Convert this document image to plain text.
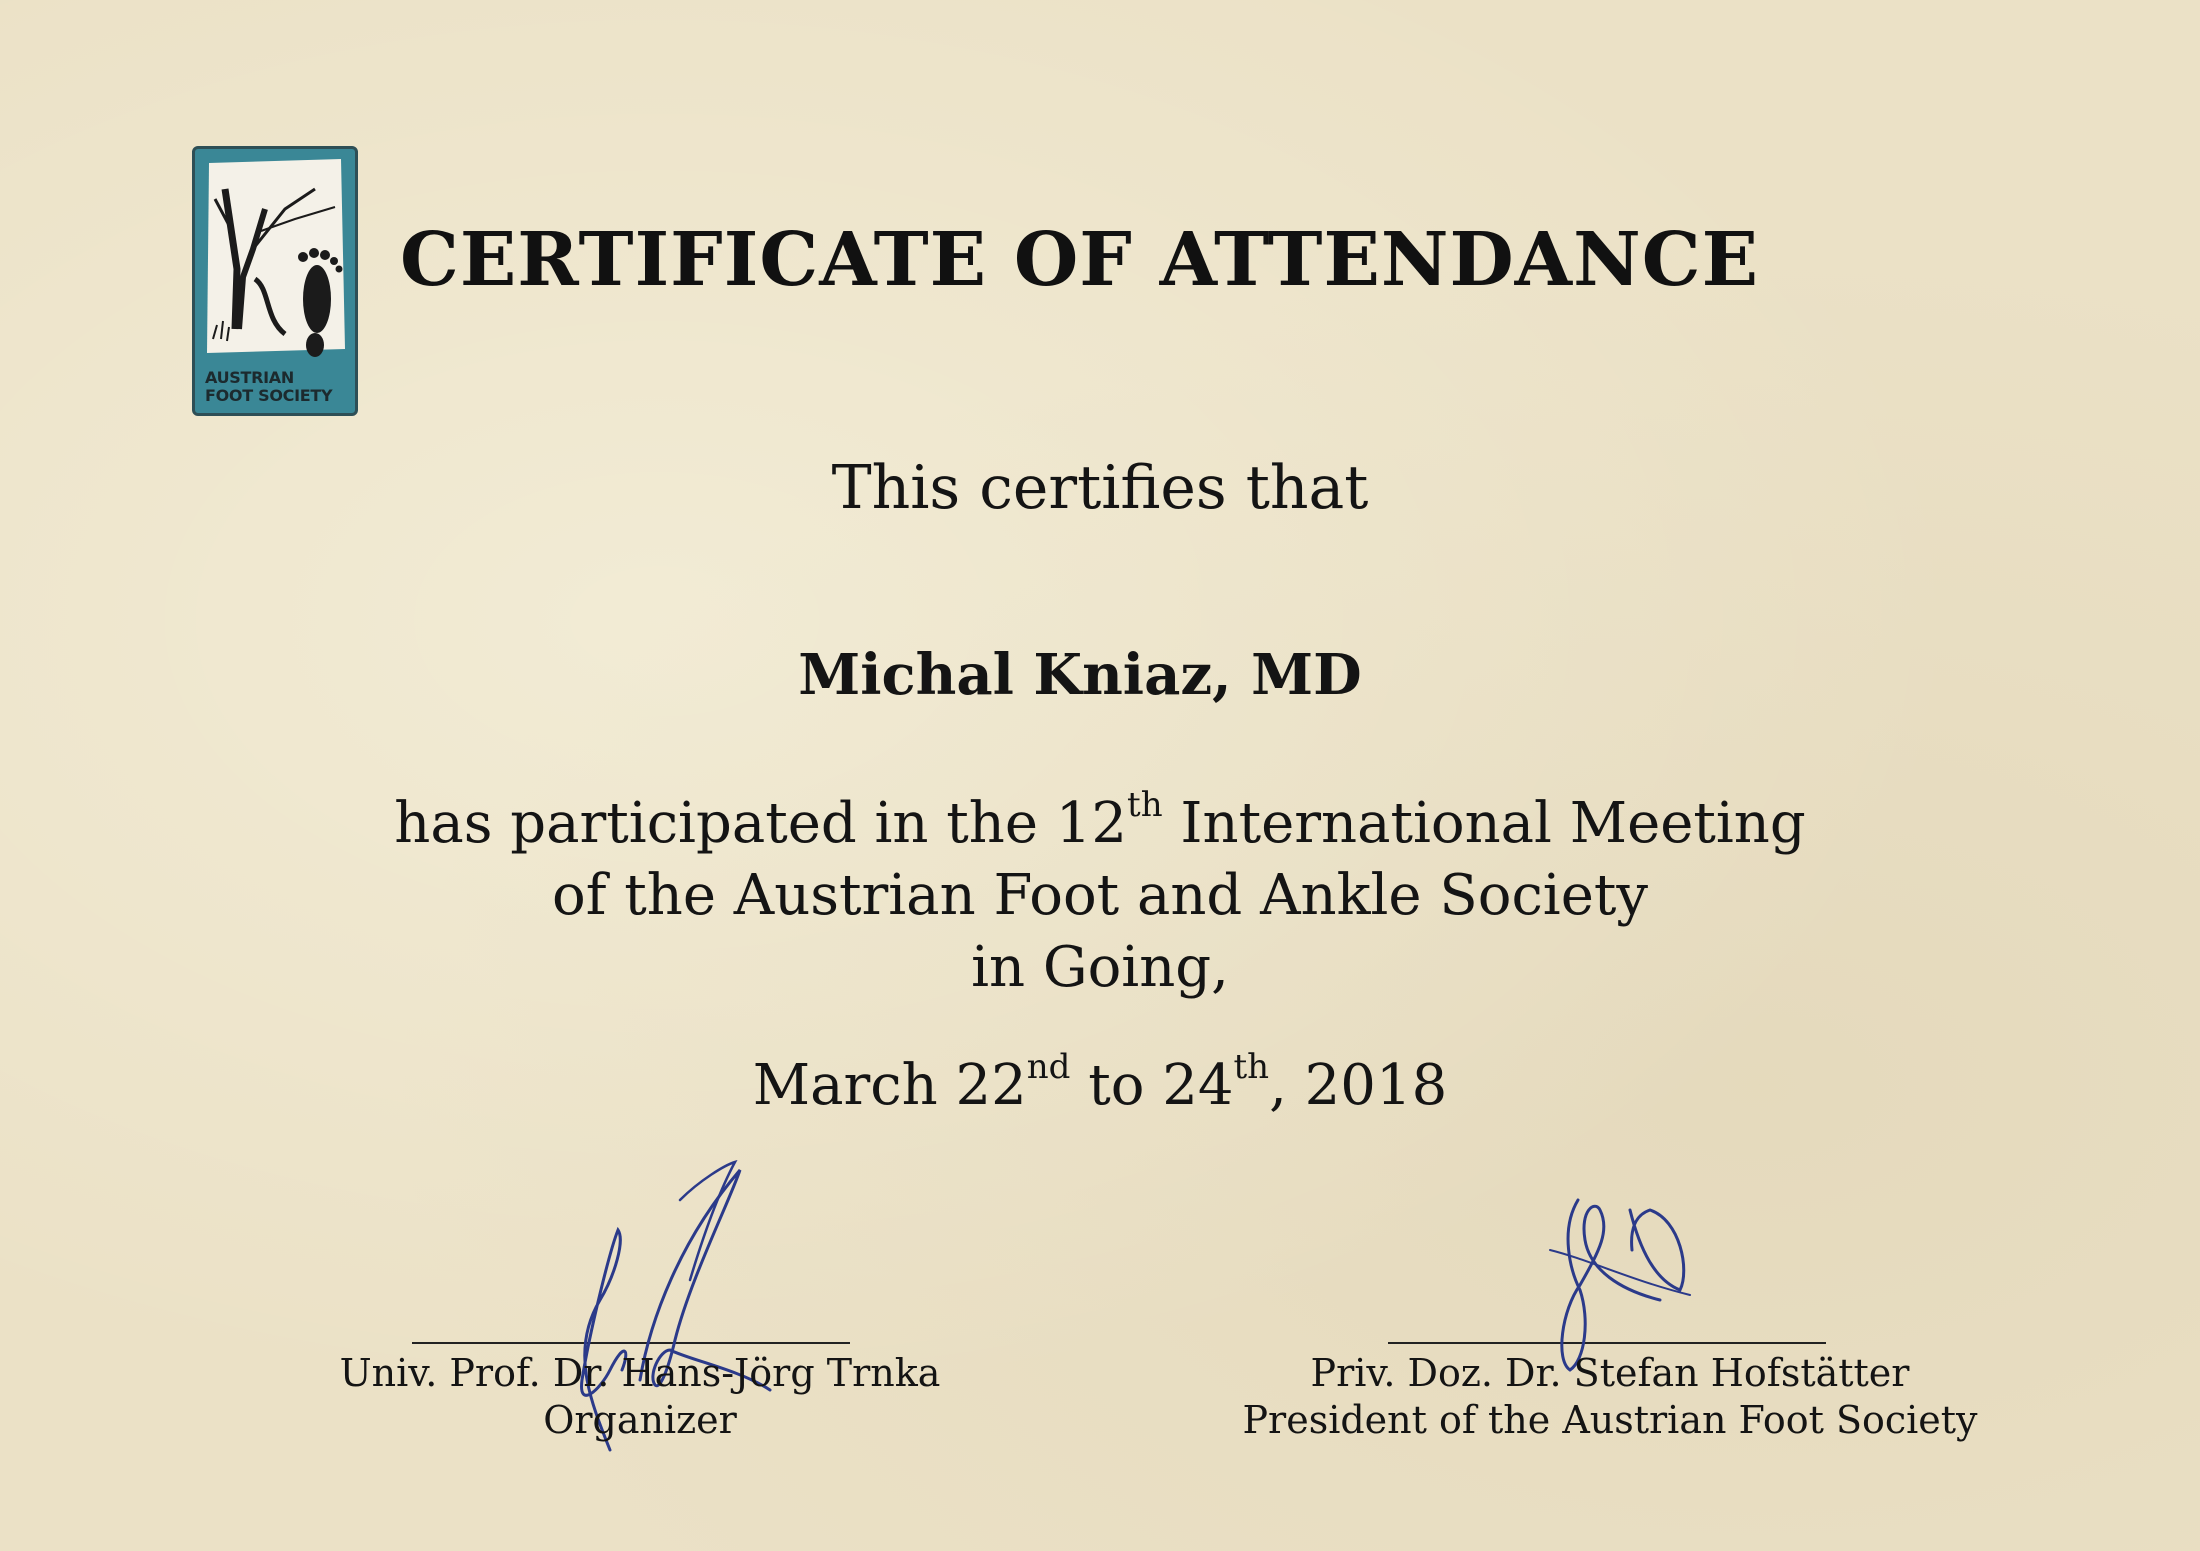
AUSTRIAN
FOOT SOCIETY
CERTIFICATE OF ATTENDANCE
This certifies that
Michal Kniaz, MD
has participated in the 12th International Meeting
of the Austrian Foot and Ankle Society
in Going,
March 22nd to 24th, 2018
Univ. Prof. Dr. Hans-Jörg Trnka
Organizer
Priv. Doz. Dr. Stefan Hofstätter
President of the Austrian Foot Society
